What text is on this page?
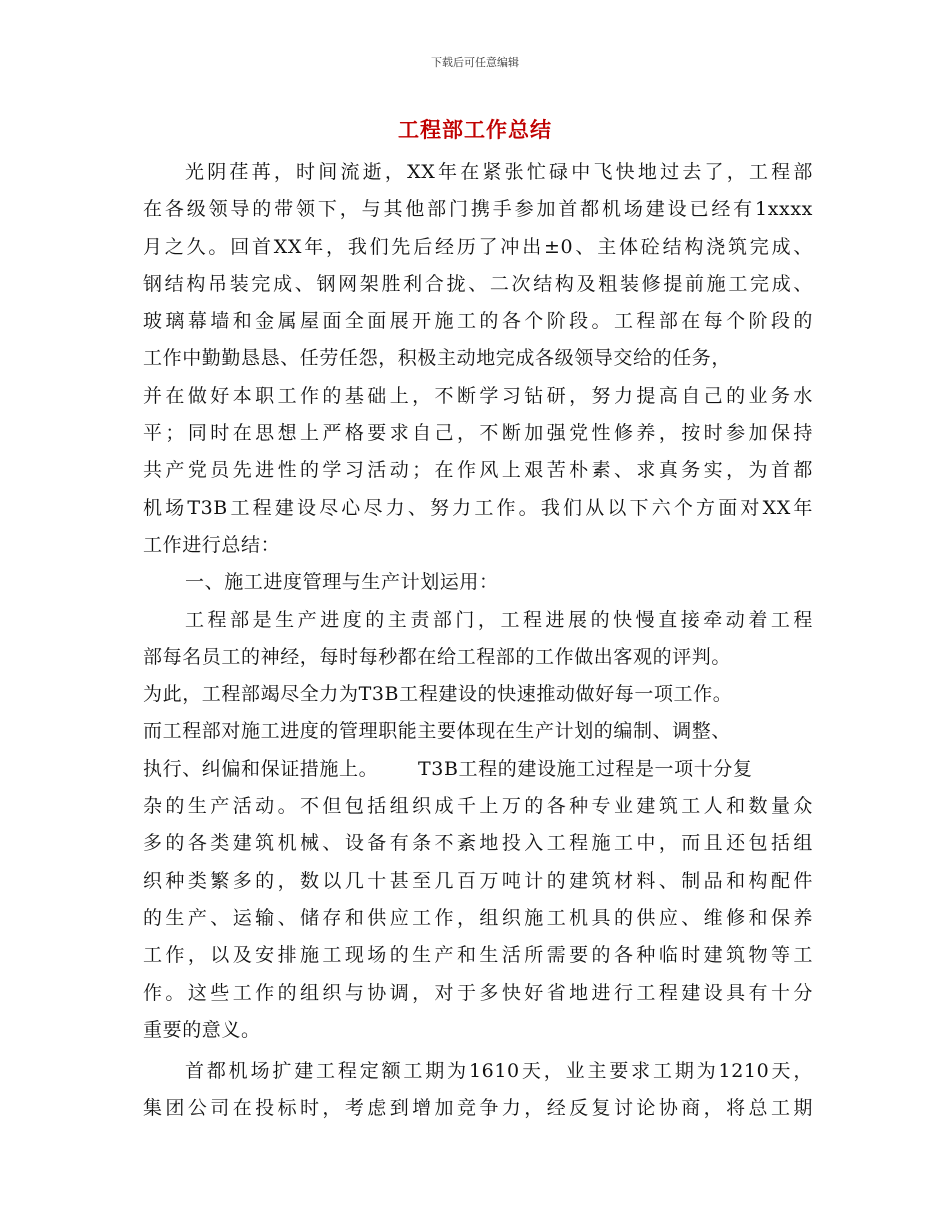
下载后可任意编辑
工程部工作总结
光阴荏苒，时间流逝，XX年在紧张忙碌中飞快地过去了，工程部
在各级领导的带领下，与其他部门携手参加首都机场建设已经有1xxxx
月之久。回首XX年，我们先后经历了冲出±0、主体砼结构浇筑完成、
钢结构吊装完成、钢网架胜利合拢、二次结构及粗装修提前施工完成、
玻璃幕墙和金属屋面全面展开施工的各个阶段。工程部在每个阶段的
工作中勤勤恳恳、任劳任怨，积极主动地完成各级领导交给的任务，
并在做好本职工作的基础上，不断学习钻研，努力提高自己的业务水
平；同时在思想上严格要求自己，不断加强党性修养，按时参加保持
共产党员先进性的学习活动；在作风上艰苦朴素、求真务实，为首都
机场T3B工程建设尽心尽力、努力工作。我们从以下六个方面对XX年
工作进行总结：
一、施工进度管理与生产计划运用：
工程部是生产进度的主责部门，工程进展的快慢直接牵动着工程
部每名员工的神经，每时每秒都在给工程部的工作做出客观的评判。
为此，工程部竭尽全力为T3B工程建设的快速推动做好每一项工作。
而工程部对施工进度的管理职能主要体现在生产计划的编制、调整、
执行、纠偏和保证措施上。      T3B工程的建设施工过程是一项十分复
杂的生产活动。不但包括组织成千上万的各种专业建筑工人和数量众
多的各类建筑机械、设备有条不紊地投入工程施工中，而且还包括组
织种类繁多的，数以几十甚至几百万吨计的建筑材料、制品和构配件
的生产、运输、储存和供应工作，组织施工机具的供应、维修和保养
工作，以及安排施工现场的生产和生活所需要的各种临时建筑物等工
作。这些工作的组织与协调，对于多快好省地进行工程建设具有十分
重要的意义。
首都机场扩建工程定额工期为1610天，业主要求工期为1210天，
集团公司在投标时，考虑到增加竞争力，经反复讨论协商，将总工期
